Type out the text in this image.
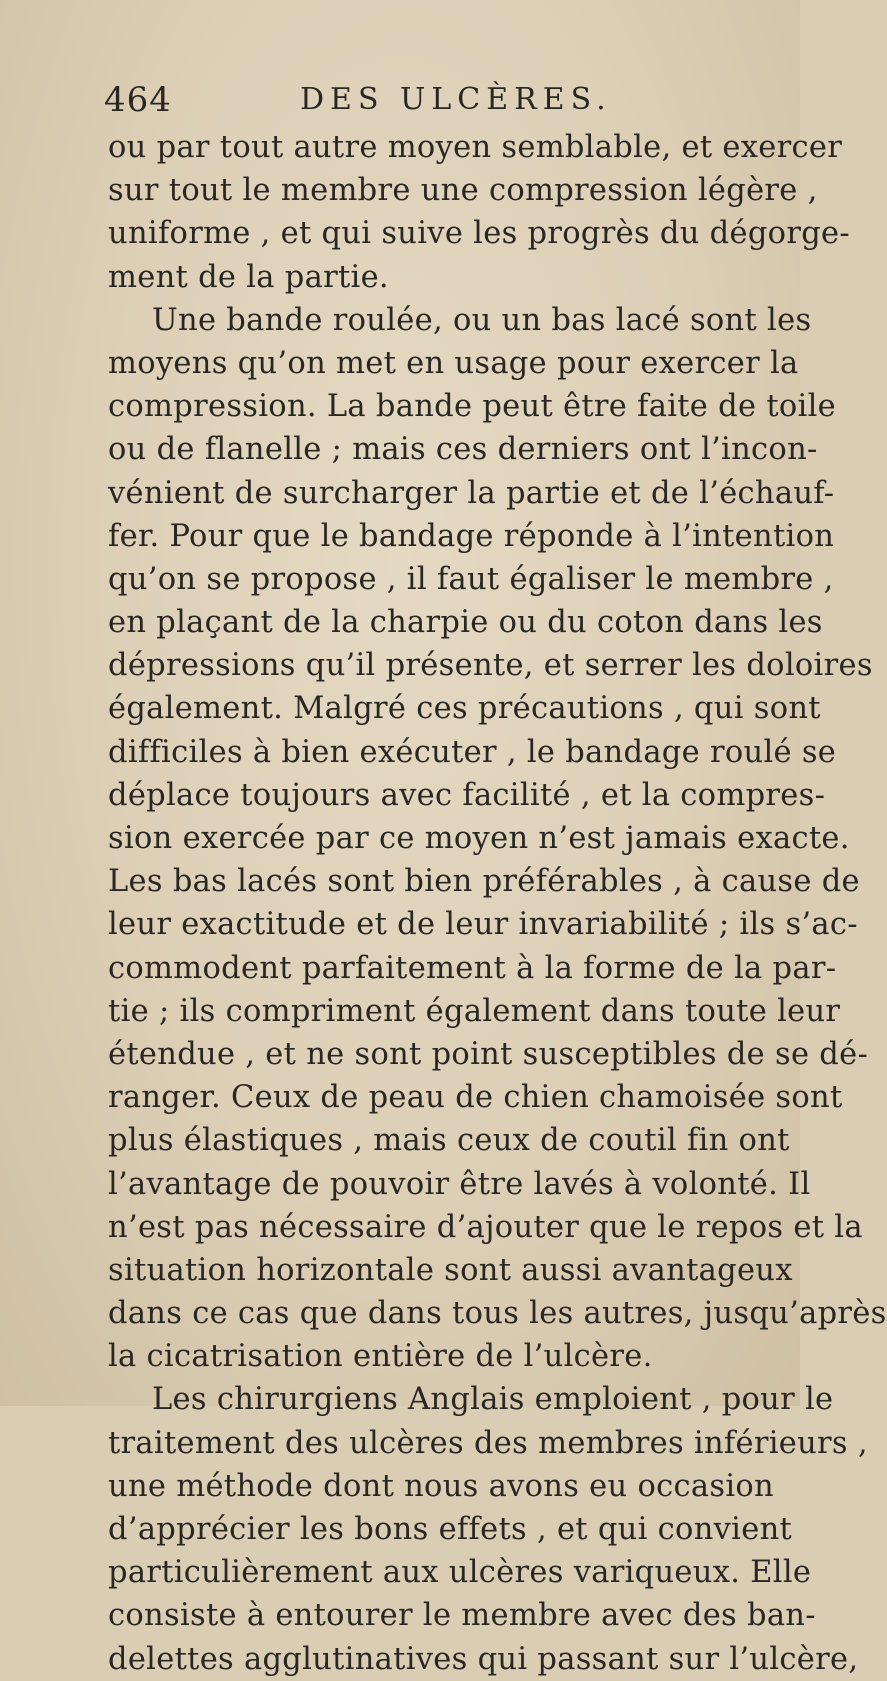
464	DES ULCÈRES.
ou par tout autre moyen semblable, et exercer
sur tout le membre une compression légère ,
uniforme , et qui suive les progrès du dégorge-
ment de la partie.
Une bande roulée, ou un bas lacé sont les
moyens qu’on met en usage pour exercer la
compression. La bande peut être faite de toile
ou de flanelle ; mais ces derniers ont l’incon-
vénient de surcharger la partie et de l’échauf-
fer. Pour que le bandage réponde à l’intention
qu’on se propose , il faut égaliser le membre ,
en plaçant de la charpie ou du coton dans les
dépressions qu’il présente, et serrer les doloires
également. Malgré ces précautions , qui sont
difficiles à bien exécuter , le bandage roulé se
déplace toujours avec facilité , et la compres-
sion exercée par ce moyen n’est jamais exacte.
Les bas lacés sont bien préférables , à cause de
leur exactitude et de leur invariabilité ; ils s’ac-
commodent parfaitement à la forme de la par-
tie ; ils compriment également dans toute leur
étendue , et ne sont point susceptibles de se dé-
ranger. Ceux de peau de chien chamoisée sont
plus élastiques , mais ceux de coutil fin ont
l’avantage de pouvoir être lavés à volonté. Il
n’est pas nécessaire d’ajouter que le repos et la
situation horizontale sont aussi avantageux
dans ce cas que dans tous les autres, jusqu’après
la cicatrisation entière de l’ulcère.
Les chirurgiens Anglais emploient , pour le
traitement des ulcères des membres inférieurs ,
une méthode dont nous avons eu occasion
d’apprécier les bons effets , et qui convient
particulièrement aux ulcères variqueux. Elle
consiste à entourer le membre avec des ban-
delettes agglutinatives qui passant sur l’ulcère,
